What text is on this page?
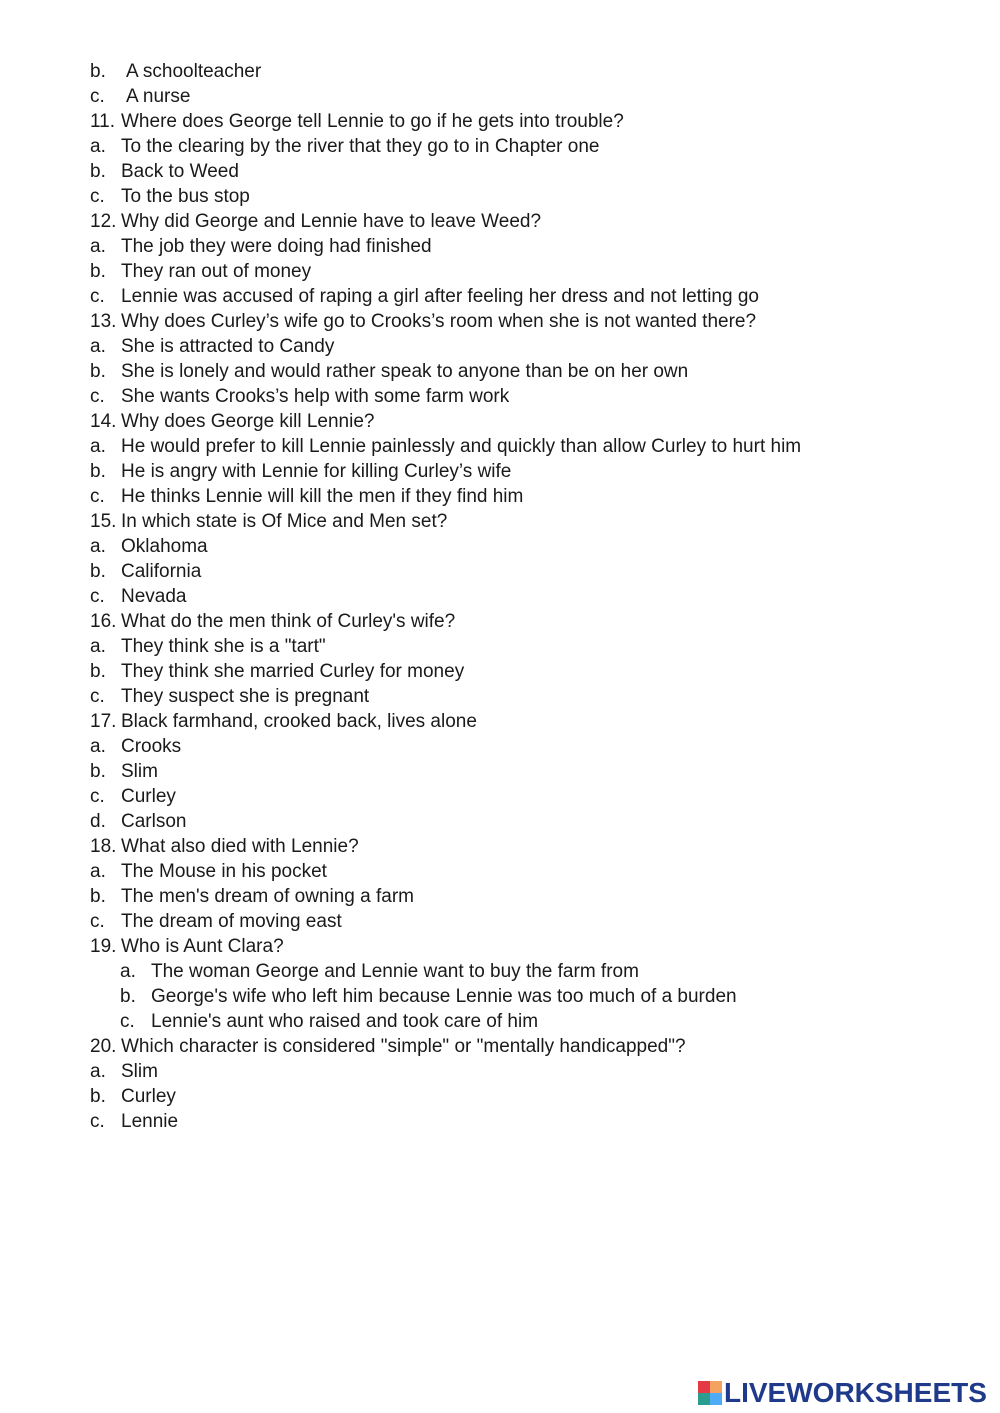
b. A schoolteacher
c. A nurse
11. Where does George tell Lennie to go if he gets into trouble?
a. To the clearing by the river that they go to in Chapter one
b. Back to Weed
c. To the bus stop
12. Why did George and Lennie have to leave Weed?
a. The job they were doing had finished
b. They ran out of money
c. Lennie was accused of raping a girl after feeling her dress and not letting go
13. Why does Curley’s wife go to Crooks’s room when she is not wanted there?
a. She is attracted to Candy
b. She is lonely and would rather speak to anyone than be on her own
c. She wants Crooks’s help with some farm work
14. Why does George kill Lennie?
a. He would prefer to kill Lennie painlessly and quickly than allow Curley to hurt him
b. He is angry with Lennie for killing Curley’s wife
c. He thinks Lennie will kill the men if they find him
15. In which state is Of Mice and Men set?
a. Oklahoma
b. California
c. Nevada
16. What do the men think of Curley's wife?
a. They think she is a "tart"
b. They think she married Curley for money
c. They suspect she is pregnant
17. Black farmhand, crooked back, lives alone
a. Crooks
b. Slim
c. Curley
d. Carlson
18. What also died with Lennie?
a. The Mouse in his pocket
b. The men's dream of owning a farm
c. The dream of moving east
19. Who is Aunt Clara?
a. The woman George and Lennie want to buy the farm from
b. George's wife who left him because Lennie was too much of a burden
c. Lennie's aunt who raised and took care of him
20. Which character is considered "simple" or "mentally handicapped"?
a. Slim
b. Curley
c. Lennie
LIVEWORKSHEETS
